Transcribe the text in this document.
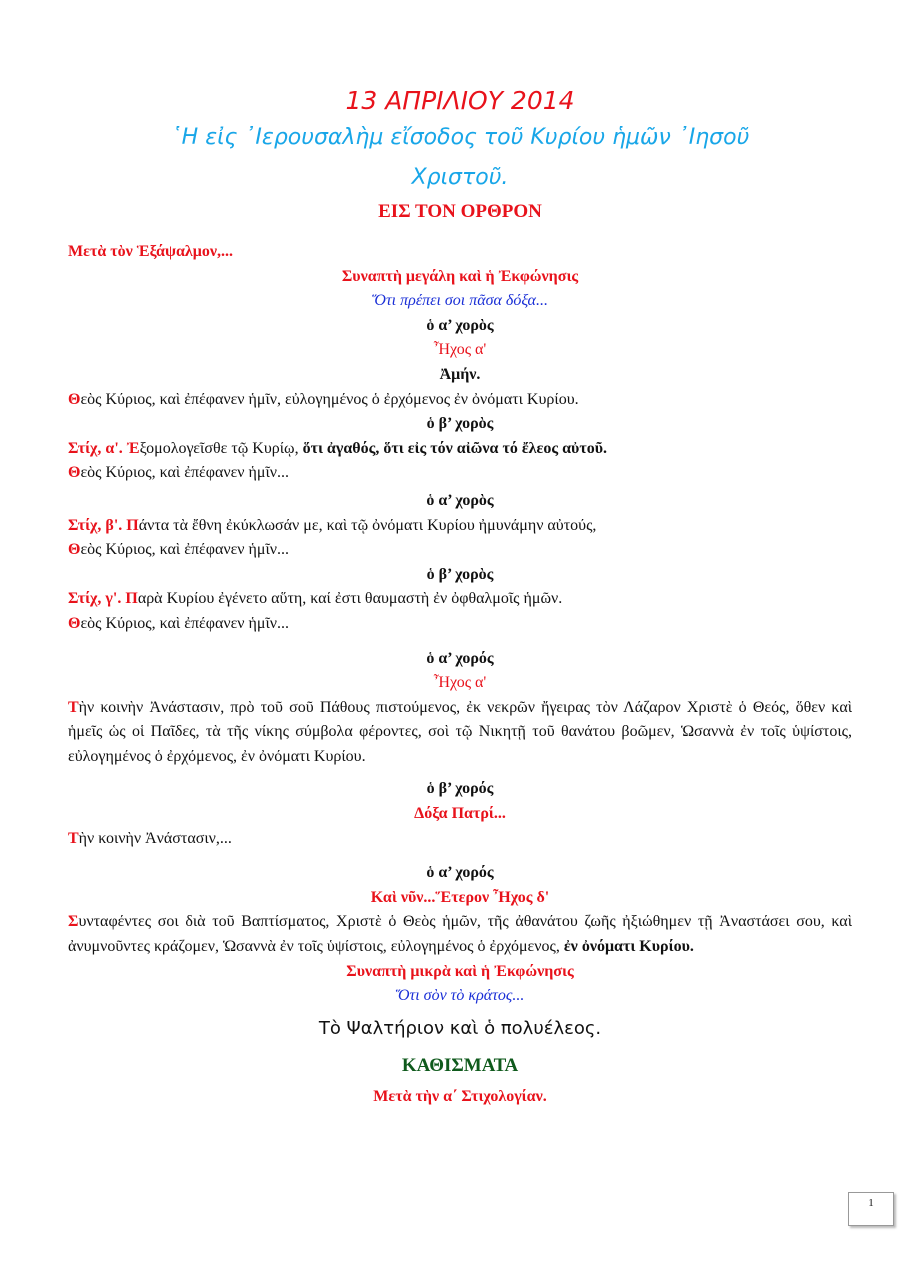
13 ΑΠΡΙΛΙΟΥ 2014

῾Η εἰς ᾿Ιερουσαλὴμ εἴσοδος τοῦ Κυρίου ἡμῶν ᾿Ιησοῦ

Χριστοῦ.

ΕΙΣ ΤΟΝ ΟΡΘΡΟΝ

Μετὰ τὸν Ἑξάψαλμον,...

Συναπτὴ μεγάλη καὶ ἡ Ἐκφώνησις

Ὅτι πρέπει σοι πᾶσα δόξα...

ὁ α’ χορὸς

Ἦχος α'

Ἀμήν.

Θεὸς Κύριος, καὶ ἐπέφανεν ἡμῖν, εὐλογημένος ὁ ἐρχόμενος ἐν ὀνόματι Κυρίου.

ὁ β’ χορὸς

Στίχ, α'. Ἐξομολογεῖσθε τῷ Κυρίῳ, ὅτι ἀγαθός, ὅτι εἰς τόν αἰῶνα τό ἔλεος αὐτοῦ.

Θεὸς Κύριος, καὶ ἐπέφανεν ἡμῖν...

ὁ α’ χορὸς

Στίχ, β'. Πάντα τὰ ἔθνη ἐκύκλωσάν με, καὶ τῷ ὀνόματι Κυρίου ἠμυνάμην αὐτούς,

Θεὸς Κύριος, καὶ ἐπέφανεν ἡμῖν...

ὁ β’ χορὸς

Στίχ, γ'. Παρὰ Κυρίου ἐγένετο αὕτη, καί ἐστι θαυμαστὴ ἐν ὀφθαλμοῖς ἡμῶν.

Θεὸς Κύριος, καὶ ἐπέφανεν ἡμῖν...

ὁ α’ χορός

Ἦχος α'

Τὴν κοινὴν Ἀνάστασιν, πρὸ τοῦ σοῦ Πάθους πιστούμενος, ἐκ νεκρῶν ἤγειρας τὸν Λάζαρον Χριστὲ ὁ Θεός, ὅθεν καὶ ἡμεῖς ὡς οἱ Παῖδες, τὰ τῆς νίκης σύμβολα φέροντες, σοὶ τῷ Νικητῇ τοῦ θανάτου βοῶμεν, Ὡσαννὰ ἐν τοῖς ὑψίστοις, εὐλογημένος ὁ ἐρχόμενος, ἐν ὀνόματι Κυρίου.

ὁ β’ χορός

Δόξα Πατρί...

Τὴν κοινὴν Ἀνάστασιν,...

ὁ α’ χορός

Καὶ νῦν...Ἕτερον Ἦχος δ'

Συνταφέντες σοι διὰ τοῦ Βαπτίσματος, Χριστὲ ὁ Θεὸς ἡμῶν, τῆς ἀθανάτου ζωῆς ἠξιώθημεν τῇ Ἀναστάσει σου, καὶ ἀνυμνοῦντες κράζομεν, Ὡσαννὰ ἐν τοῖς ὑψίστοις, εὐλογημένος ὁ ἐρχόμενος, ἐν ὀνόματι Κυρίου.

Συναπτὴ μικρὰ καὶ ἡ Ἐκφώνησις

Ὅτι σὸν τὸ κράτος...

Τὸ Ψαλτήριον καὶ ὁ πολυέλεος.

ΚΑΘΙΣΜΑΤΑ

Μετὰ τὴν α΄ Στιχολογίαν.

1
